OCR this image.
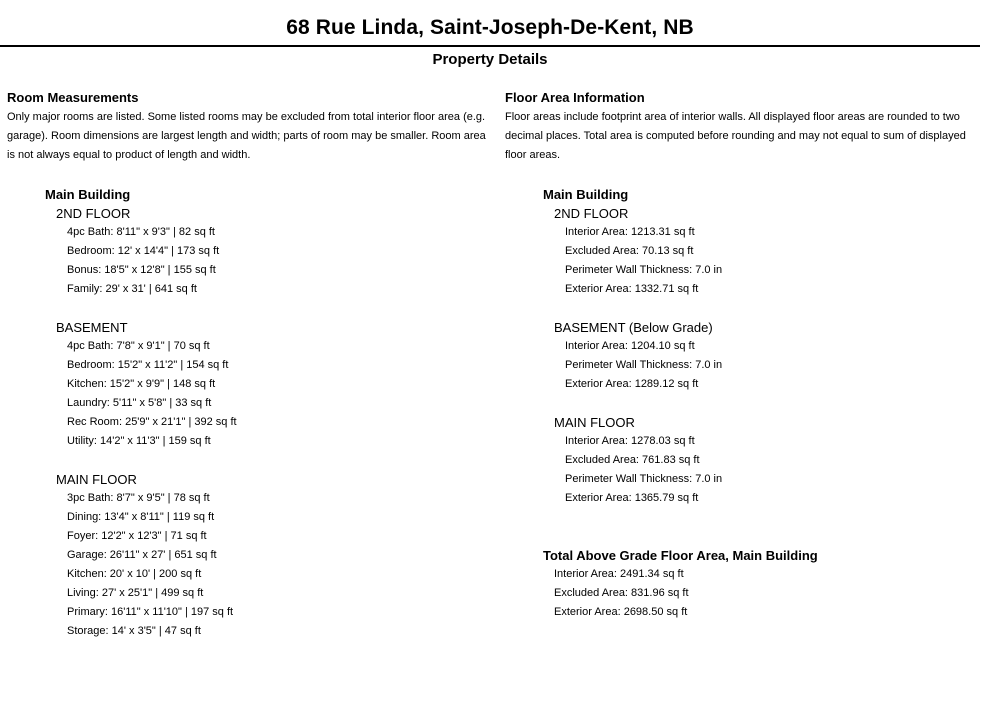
68 Rue Linda, Saint-Joseph-De-Kent, NB
Property Details
Room Measurements
Only major rooms are listed. Some listed rooms may be excluded from total interior floor area (e.g. garage). Room dimensions are largest length and width; parts of room may be smaller. Room area is not always equal to product of length and width.
Main Building
2ND FLOOR
4pc Bath: 8'11" x 9'3" | 82 sq ft
Bedroom: 12' x 14'4" | 173 sq ft
Bonus: 18'5" x 12'8" | 155 sq ft
Family: 29' x 31' | 641 sq ft
BASEMENT
4pc Bath: 7'8" x 9'1" | 70 sq ft
Bedroom: 15'2" x 11'2" | 154 sq ft
Kitchen: 15'2" x 9'9" | 148 sq ft
Laundry: 5'11" x 5'8" | 33 sq ft
Rec Room: 25'9" x 21'1" | 392 sq ft
Utility: 14'2" x 11'3" | 159 sq ft
MAIN FLOOR
3pc Bath: 8'7" x 9'5" | 78 sq ft
Dining: 13'4" x 8'11" | 119 sq ft
Foyer: 12'2" x 12'3" | 71 sq ft
Garage: 26'11" x 27' | 651 sq ft
Kitchen: 20' x 10' | 200 sq ft
Living: 27' x 25'1" | 499 sq ft
Primary: 16'11" x 11'10" | 197 sq ft
Storage: 14' x 3'5" | 47 sq ft
Floor Area Information
Floor areas include footprint area of interior walls. All displayed floor areas are rounded to two decimal places. Total area is computed before rounding and may not equal to sum of displayed floor areas.
Main Building
2ND FLOOR
Interior Area: 1213.31 sq ft
Excluded Area: 70.13 sq ft
Perimeter Wall Thickness: 7.0 in
Exterior Area: 1332.71 sq ft
BASEMENT (Below Grade)
Interior Area: 1204.10 sq ft
Perimeter Wall Thickness: 7.0 in
Exterior Area: 1289.12 sq ft
MAIN FLOOR
Interior Area: 1278.03 sq ft
Excluded Area: 761.83 sq ft
Perimeter Wall Thickness: 7.0 in
Exterior Area: 1365.79 sq ft
Total Above Grade Floor Area, Main Building
Interior Area: 2491.34 sq ft
Excluded Area: 831.96 sq ft
Exterior Area: 2698.50 sq ft
